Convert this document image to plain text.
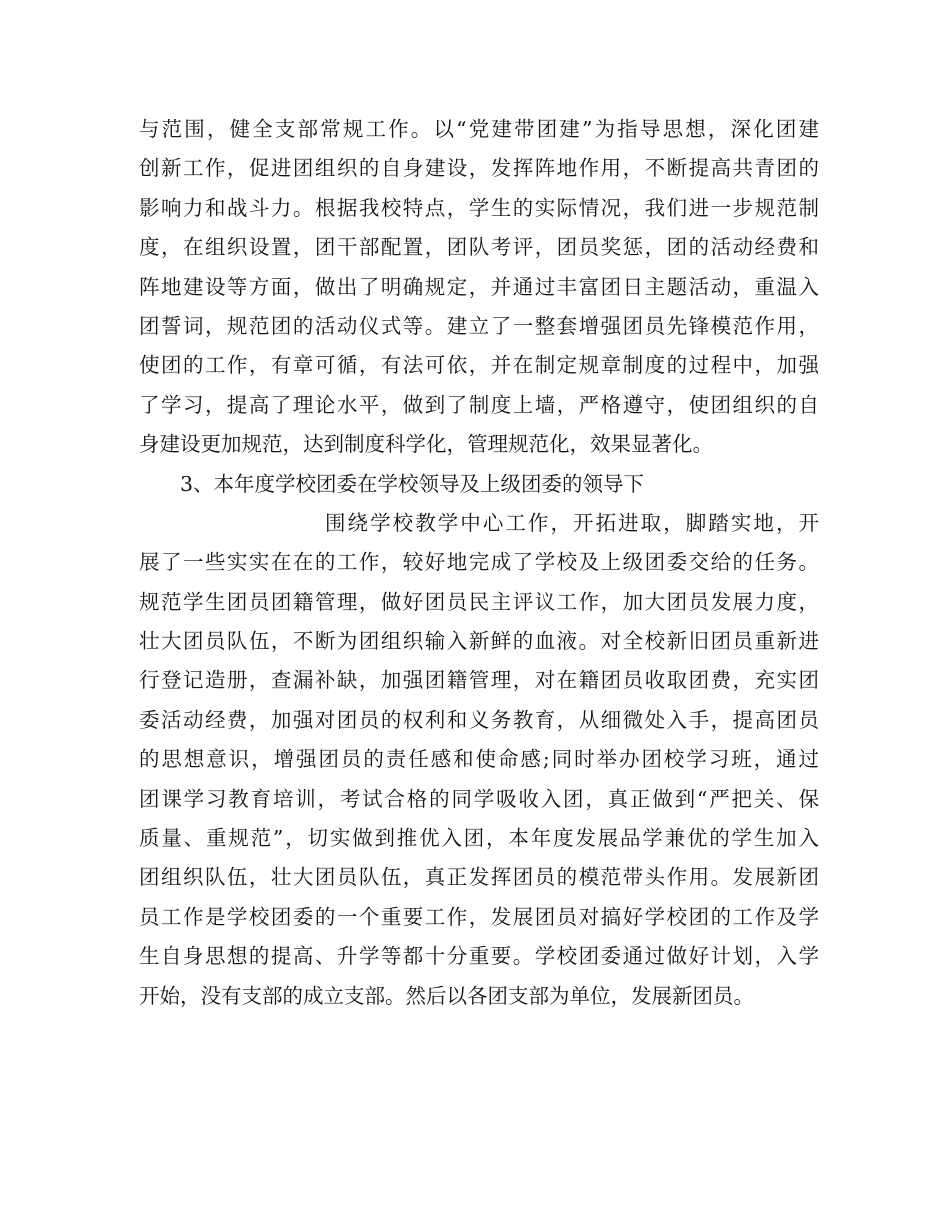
与范围，健全支部常规工作。以“党建带团建”为指导思想，深化团建
创新工作，促进团组织的自身建设，发挥阵地作用，不断提高共青团的
影响力和战斗力。根据我校特点，学生的实际情况，我们进一步规范制
度，在组织设置，团干部配置，团队考评，团员奖惩，团的活动经费和
阵地建设等方面，做出了明确规定，并通过丰富团日主题活动，重温入
团誓词，规范团的活动仪式等。建立了一整套增强团员先锋模范作用，
使团的工作，有章可循，有法可依，并在制定规章制度的过程中，加强
了学习，提高了理论水平，做到了制度上墙，严格遵守，使团组织的自
身建设更加规范，达到制度科学化，管理规范化，效果显著化。
3、本年度学校团委在学校领导及上级团委的领导下
围绕学校教学中心工作，开拓进取，脚踏实地，开
展了一些实实在在的工作，较好地完成了学校及上级团委交给的任务。
规范学生团员团籍管理，做好团员民主评议工作，加大团员发展力度，
壮大团员队伍，不断为团组织输入新鲜的血液。对全校新旧团员重新进
行登记造册，查漏补缺，加强团籍管理，对在籍团员收取团费，充实团
委活动经费，加强对团员的权利和义务教育，从细微处入手，提高团员
的思想意识，增强团员的责任感和使命感;同时举办团校学习班，通过
团课学习教育培训，考试合格的同学吸收入团，真正做到“严把关、保
质量、重规范”，切实做到推优入团，本年度发展品学兼优的学生加入
团组织队伍，壮大团员队伍，真正发挥团员的模范带头作用。发展新团
员工作是学校团委的一个重要工作，发展团员对搞好学校团的工作及学
生自身思想的提高、升学等都十分重要。学校团委通过做好计划，入学
开始，没有支部的成立支部。然后以各团支部为单位，发展新团员。
